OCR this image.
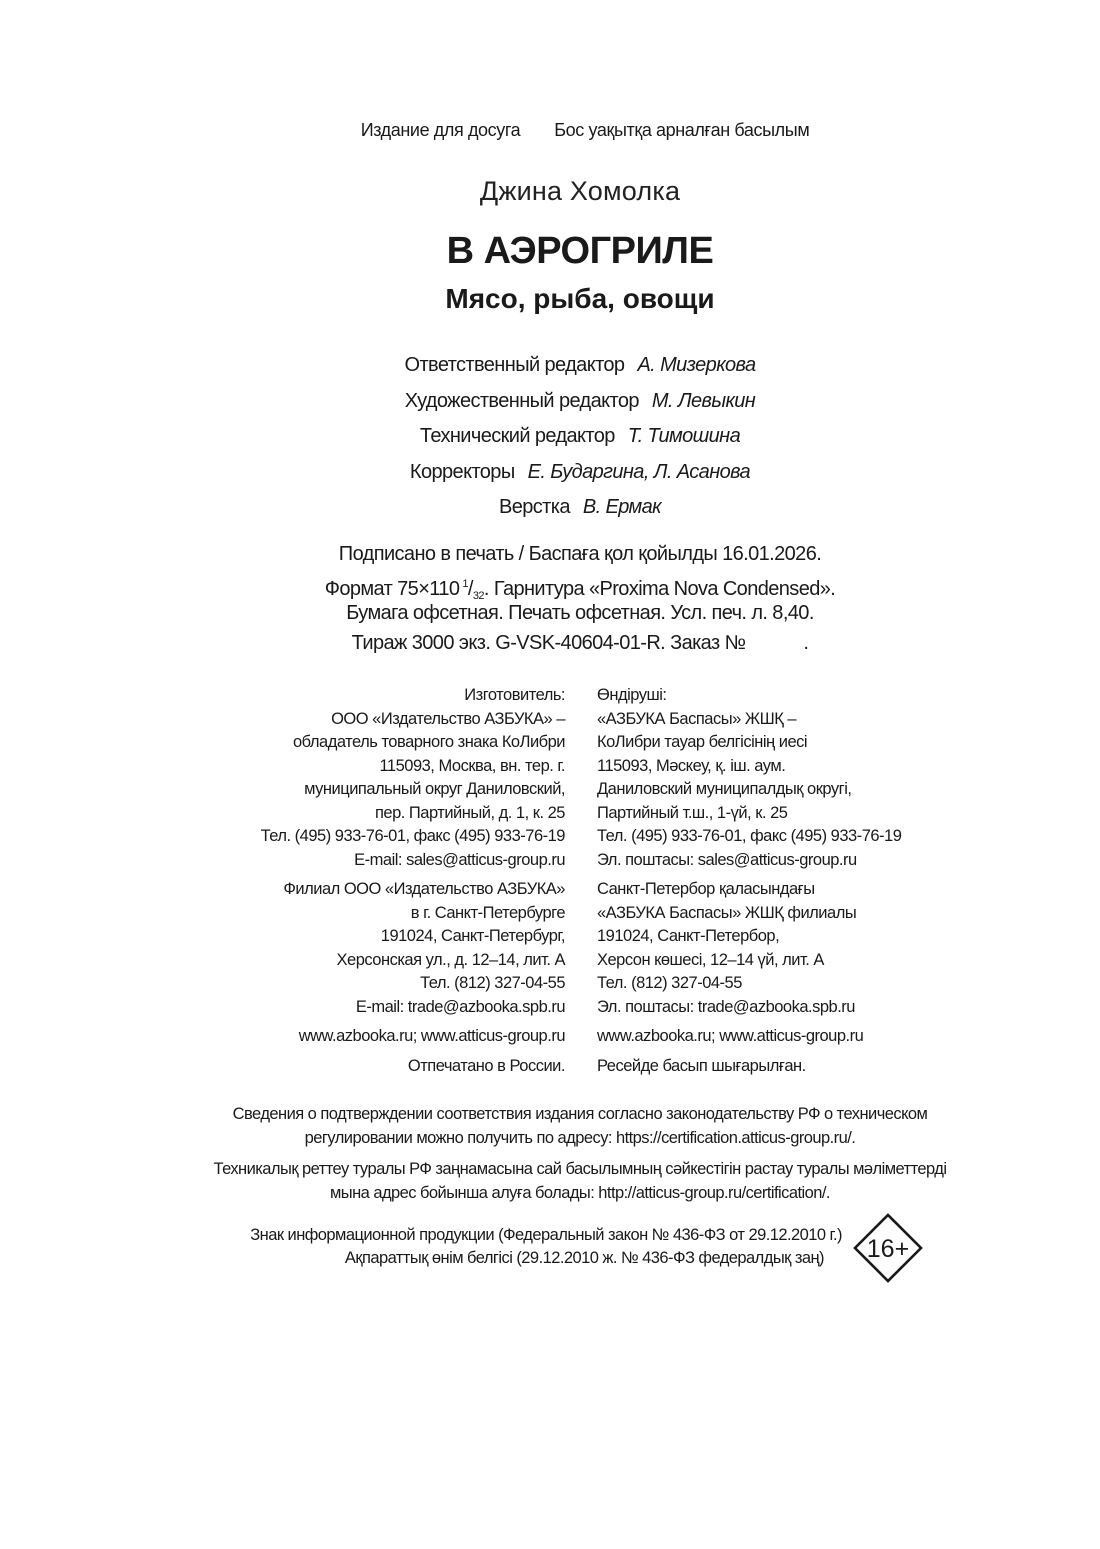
Издание для досуга Бос уақытқа арналған басылым
Джина Хомолка
В АЭРОГРИЛЕ
Мясо, рыба, овощи
Ответственный редактор А. Мизеркова
Художественный редактор М. Левыкин
Технический редактор Т. Тимошина
Корректоры Е. Бударгина, Л. Асанова
Верстка В. Ермак
Подписано в печать / Баспаға қол қойылды 16.01.2026.
Формат 75×110 $^1/_{32}$. Гарнитура «Proxima Nova Condensed».
Бумага офсетная. Печать офсетная. Усл. печ. л. 8,40.
Тираж 3000 экз. G-VSK-40604-01-R. Заказ №	.
Изготовитель:
ООО «Издательство АЗБУКА» –
обладатель товарного знака КоЛибри
115093, Москва, вн. тер. г.
муниципальный округ Даниловский,
пер. Партийный, д. 1, к. 25
Тел. (495) 933-76-01, факс (495) 933-76-19
E-mail: sales@atticus-group.ru
Филиал ООО «Издательство АЗБУКА»
в г. Санкт-Петербурге
191024, Санкт-Петербург,
Херсонская ул., д. 12–14, лит. А
Тел. (812) 327-04-55
E-mail: trade@azbooka.spb.ru
www.azbooka.ru; www.atticus-group.ru
Отпечатано в России.
Өндіруші:
«АЗБУКА Баспасы» ЖШҚ –
КоЛибри тауар белгісінің иесі
115093, Мәскеу, қ. іш. аум.
Даниловский муниципалдық округі,
Партийный т.ш., 1-үй, к. 25
Тел. (495) 933-76-01, факс (495) 933-76-19
Эл. поштасы: sales@atticus-group.ru
Санкт-Петербор қаласындағы
«АЗБУКА Баспасы» ЖШҚ филиалы
191024, Санкт-Петербор,
Херсон көшесі, 12–14 үй, лит. А
Тел. (812) 327-04-55
Эл. поштасы: trade@azbooka.spb.ru
www.azbooka.ru; www.atticus-group.ru
Ресейде басып шығарылған.
Сведения о подтверждении соответствия издания согласно законодательству РФ о техническом
регулировании можно получить по адресу: https://certification.atticus-group.ru/.
Техникалық реттеу туралы РФ заңнамасына сай басылымның сәйкестігін растау туралы мәліметтерді
мына адрес бойынша алуға болады: http://atticus-group.ru/certification/.
Знак информационной продукции (Федеральный закон № 436-ФЗ от 29.12.2010 г.)
Ақпараттық өнім белгісі (29.12.2010 ж. № 436-ФЗ федералдық заң)	16+
